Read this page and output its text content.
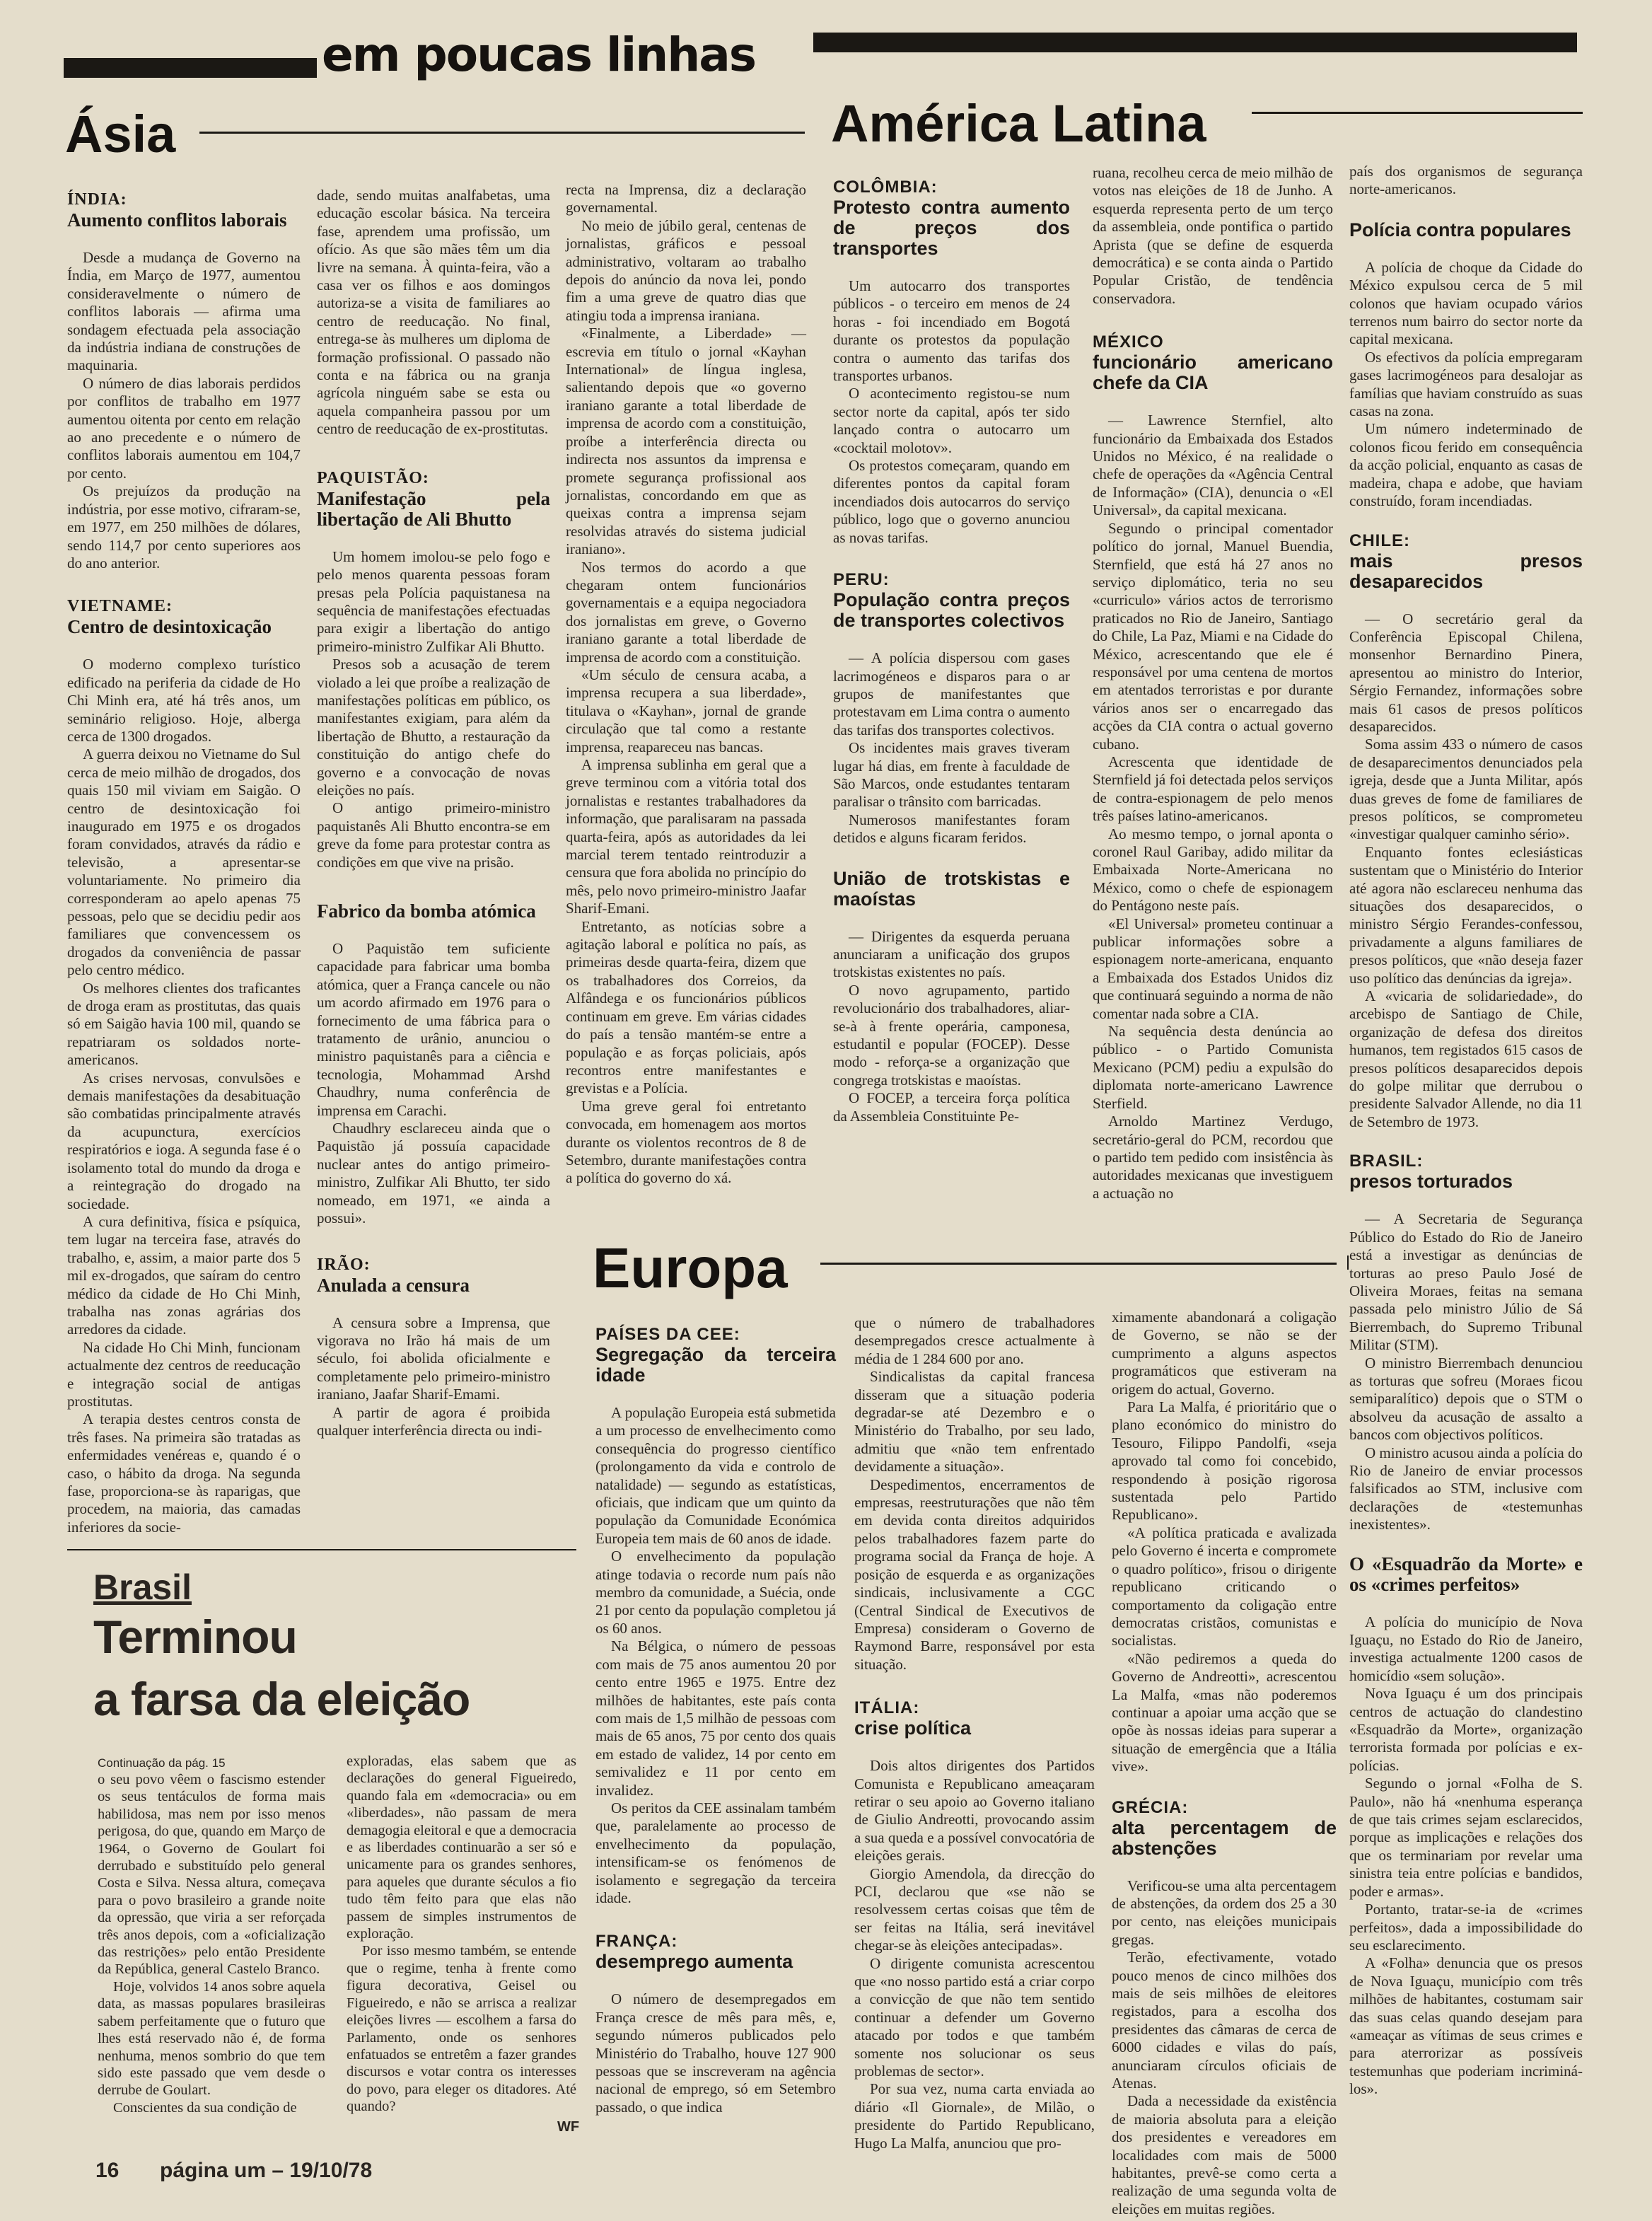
em poucas linhas
Ásia	América Latina
Europa
ÍNDIA:
Aumento conflitos laborais

Desde a mudança de Governo na Índia, em Março de 1977, aumentou consideravelmente o número de conflitos laborais — afirma uma sondagem efectuada pela associação da indústria indiana de construções de maquinaria.

O número de dias laborais perdidos por conflitos de trabalho em 1977 aumentou oitenta por cento em relação ao ano precedente e o número de conflitos laborais aumentou em 104,7 por cento.

Os prejuízos da produção na indústria, por esse motivo, cifraram-se, em 1977, em 250 milhões de dólares, sendo 114,7 por cento superiores aos do ano anterior.

VIETNAME:
Centro de desintoxicação

O moderno complexo turístico edificado na periferia da cidade de Ho Chi Minh era, até há três anos, um seminário religioso. Hoje, alberga cerca de 1300 drogados.

A guerra deixou no Vietname do Sul cerca de meio milhão de drogados, dos quais 150 mil viviam em Saigão. O centro de desintoxicação foi inaugurado em 1975 e os drogados foram convidados, através da rádio e televisão, a apresentar-se voluntariamente. No primeiro dia corresponderam ao apelo apenas 75 pessoas, pelo que se decidiu pedir aos familiares que convencessem os drogados da conveniência de passar pelo centro médico.

Os melhores clientes dos traficantes de droga eram as prostitutas, das quais só em Saigão havia 100 mil, quando se repatriaram os soldados norte-americanos.

As crises nervosas, convulsões e demais manifestações da desabituação são combatidas principalmente através da acupunctura, exercícios respiratórios e ioga. A segunda fase é o isolamento total do mundo da droga e a reintegração do drogado na sociedade.

A cura definitiva, física e psíquica, tem lugar na terceira fase, através do trabalho, e, assim, a maior parte dos 5 mil ex-drogados, que saíram do centro médico da cidade de Ho Chi Minh, trabalha nas zonas agrárias dos arredores da cidade.

Na cidade Ho Chi Minh, funcionam actualmente dez centros de reeducação e integração social de antigas prostitutas.

A terapia destes centros consta de três fases. Na primeira são tratadas as enfermidades venéreas e, quando é o caso, o hábito da droga. Na segunda fase, proporciona-se às raparigas, que procedem, na maioria, das camadas inferiores da socie-

dade, sendo muitas analfabetas, uma educação escolar básica. Na terceira fase, aprendem uma profissão, um ofício. As que são mães têm um dia livre na semana. À quinta-feira, vão a casa ver os filhos e aos domingos autoriza-se a visita de familiares ao centro de reeducação. No final, entrega-se às mulheres um diploma de formação profissional. O passado não conta e na fábrica ou na granja agrícola ninguém sabe se esta ou aquela companheira passou por um centro de reeducação de ex-prostitutas.

PAQUISTÃO:
Manifestação pela libertação de Ali Bhutto

Um homem imolou-se pelo fogo e pelo menos quarenta pessoas foram presas pela Polícia paquistanesa na sequência de manifestações efectuadas para exigir a libertação do antigo primeiro-ministro Zulfikar Ali Bhutto.

Presos sob a acusação de terem violado a lei que proíbe a realização de manifestações políticas em público, os manifestantes exigiam, para além da libertação de Bhutto, a restauração da constituição do antigo chefe do governo e a convocação de novas eleições no país.

O antigo primeiro-ministro paquistanês Ali Bhutto encontra-se em greve da fome para protestar contra as condições em que vive na prisão.

Fabrico da bomba atómica

O Paquistão tem suficiente capacidade para fabricar uma bomba atómica, quer a França cancele ou não um acordo afirmado em 1976 para o fornecimento de uma fábrica para o tratamento de urânio, anunciou o ministro paquistanês para a ciência e tecnologia, Mohammad Arshd Chaudhry, numa conferência de imprensa em Carachi.

Chaudhry esclareceu ainda que o Paquistão já possuía capacidade nuclear antes do antigo primeiro-ministro, Zulfikar Ali Bhutto, ter sido nomeado, em 1971, «e ainda a possui».

IRÃO:
Anulada a censura

A censura sobre a Imprensa, que vigorava no Irão há mais de um século, foi abolida oficialmente e completamente pelo primeiro-ministro iraniano, Jaafar Sharif-Emami.

A partir de agora é proibida qualquer interferência directa ou indi-

recta na Imprensa, diz a declaração governamental.

No meio de júbilo geral, centenas de jornalistas, gráficos e pessoal administrativo, voltaram ao trabalho depois do anúncio da nova lei, pondo fim a uma greve de quatro dias que atingiu toda a imprensa iraniana.

«Finalmente, a Liberdade» — escrevia em título o jornal «Kayhan International» de língua inglesa, salientando depois que «o governo iraniano garante a total liberdade de imprensa de acordo com a constituição, proíbe a interferência directa ou indirecta nos assuntos da imprensa e promete segurança profissional aos jornalistas, concordando em que as queixas contra a imprensa sejam resolvidas através do sistema judicial iraniano».

Nos termos do acordo a que chegaram ontem funcionários governamentais e a equipa negociadora dos jornalistas em greve, o Governo iraniano garante a total liberdade de imprensa de acordo com a constituição.

«Um século de censura acaba, a imprensa recupera a sua liberdade», titulava o «Kayhan», jornal de grande circulação que tal como a restante imprensa, reapareceu nas bancas.

A imprensa sublinha em geral que a greve terminou com a vitória total dos jornalistas e restantes trabalhadores da informação, que paralisaram na passada quarta-feira, após as autoridades da lei marcial terem tentado reintroduzir a censura que fora abolida no princípio do mês, pelo novo primeiro-ministro Jaafar Sharif-Emani.

Entretanto, as notícias sobre a agitação laboral e política no país, as primeiras desde quarta-feira, dizem que os trabalhadores dos Correios, da Alfândega e os funcionários públicos continuam em greve. Em várias cidades do país a tensão mantém-se entre a população e as forças policiais, após recontros entre manifestantes e grevistas e a Polícia.

Uma greve geral foi entretanto convocada, em homenagem aos mortos durante os violentos recontros de 8 de Setembro, durante manifestações contra a política do governo do xá.

COLÔMBIA:
Protesto contra aumento de preços dos transportes

Um autocarro dos transportes públicos - o terceiro em menos de 24 horas - foi incendiado em Bogotá durante os protestos da população contra o aumento das tarifas dos transportes urbanos.

O acontecimento registou-se num sector norte da capital, após ter sido lançado contra o autocarro um «cocktail molotov».

Os protestos começaram, quando em diferentes pontos da capital foram incendiados dois autocarros do serviço público, logo que o governo anunciou as novas tarifas.

PERU:
População contra preços de transportes colectivos

— A polícia dispersou com gases lacrimogéneos e disparos para o ar grupos de manifestantes que protestavam em Lima contra o aumento das tarifas dos transportes colectivos.

Os incidentes mais graves tiveram lugar há dias, em frente à faculdade de São Marcos, onde estudantes tentaram paralisar o trânsito com barricadas.

Numerosos manifestantes foram detidos e alguns ficaram feridos.

União de trotskistas e maoístas

— Dirigentes da esquerda peruana anunciaram a unificação dos grupos trotskistas existentes no país.

O novo agrupamento, partido revolucionário dos trabalhadores, aliar-se-à à frente operária, camponesa, estudantil e popular (FOCEP). Desse modo - reforça-se a organização que congrega trotskistas e maoístas.

O FOCEP, a terceira força política da Assembleia Constituinte Pe-

ruana, recolheu cerca de meio milhão de votos nas eleições de 18 de Junho. A esquerda representa perto de um terço da assembleia, onde pontifica o partido Aprista (que se define de esquerda democrática) e se conta ainda o Partido Popular Cristão, de tendência conservadora.

MÉXICO
funcionário americano chefe da CIA

— Lawrence Sternfiel, alto funcionário da Embaixada dos Estados Unidos no México, é na realidade o chefe de operações da «Agência Central de Informação» (CIA), denuncia o «El Universal», da capital mexicana.

Segundo o principal comentador político do jornal, Manuel Buendia, Sternfield, que está há 27 anos no serviço diplomático, teria no seu «curriculo» vários actos de terrorismo praticados no Rio de Janeiro, Santiago do Chile, La Paz, Miami e na Cidade do México, acrescentando que ele é responsável por uma centena de mortos em atentados terroristas e por durante vários anos ser o encarregado das acções da CIA contra o actual governo cubano.

Acrescenta que identidade de Sternfield já foi detectada pelos serviços de contra-espionagem de pelo menos três países latino-americanos.

Ao mesmo tempo, o jornal aponta o coronel Raul Garibay, adido militar da Embaixada Norte-Americana no México, como o chefe de espionagem do Pentágono neste país.

«El Universal» prometeu continuar a publicar informações sobre a espionagem norte-americana, enquanto a Embaixada dos Estados Unidos diz que continuará seguindo a norma de não comentar nada sobre a CIA.

Na sequência desta denúncia ao público - o Partido Comunista Mexicano (PCM) pediu a expulsão do diplomata norte-americano Lawrence Sterfield.

Arnoldo Martinez Verdugo, secretário-geral do PCM, recordou que o partido tem pedido com insistência às autoridades mexicanas que investiguem a actuação no

país dos organismos de segurança norte-americanos.

Polícia contra populares

A polícia de choque da Cidade do México expulsou cerca de 5 mil colonos que haviam ocupado vários terrenos num bairro do sector norte da capital mexicana.

Os efectivos da polícia empregaram gases lacrimogéneos para desalojar as famílias que haviam construído as suas casas na zona.

Um número indeterminado de colonos ficou ferido em consequência da acção policial, enquanto as casas de madeira, chapa e adobe, que haviam construído, foram incendiadas.

CHILE:
mais presos desaparecidos

— O secretário geral da Conferência Episcopal Chilena, monsenhor Bernardino Pinera, apresentou ao ministro do Interior, Sérgio Fernandez, informações sobre mais 61 casos de presos políticos desaparecidos.

Soma assim 433 o número de casos de desaparecimentos denunciados pela igreja, desde que a Junta Militar, após duas greves de fome de familiares de presos políticos, se comprometeu «investigar qualquer caminho sério».

Enquanto fontes eclesiásticas sustentam que o Ministério do Interior até agora não esclareceu nenhuma das situações dos desaparecidos, o ministro Sérgio Ferandes-confessou, privadamente a alguns familiares de presos políticos, que «não deseja fazer uso político das denúncias da igreja».

A «vicaria de solidariedade», do arcebispo de Santiago de Chile, organização de defesa dos direitos humanos, tem registados 615 casos de presos políticos desaparecidos depois do golpe militar que derrubou o presidente Salvador Allende, no dia 11 de Setembro de 1973.

BRASIL:
presos torturados

— A Secretaria de Segurança Público do Estado do Rio de Janeiro está a investigar as denúncias de torturas ao preso Paulo José de Oliveira Moraes, feitas na semana passada pelo ministro Júlio de Sá Bierrembach, do Supremo Tribunal Militar (STM).

O ministro Bierrembach denunciou as torturas que sofreu (Moraes ficou semiparalítico) depois que o STM o absolveu da acusação de assalto a bancos com objectivos políticos.

O ministro acusou ainda a polícia do Rio de Janeiro de enviar processos falsificados ao STM, inclusive com declarações de «testemunhas inexistentes».

O «Esquadrão da Morte» e os «crimes perfeitos»

A polícia do município de Nova Iguaçu, no Estado do Rio de Janeiro, investiga actualmente 1200 casos de homicídio «sem solução».

Nova Iguaçu é um dos principais centros de actuação do clandestino «Esquadrão da Morte», organização terrorista formada por polícias e ex-polícias.

Segundo o jornal «Folha de S. Paulo», não há «nenhuma esperança de que tais crimes sejam esclarecidos, porque as implicações e relações dos que os terminariam por revelar uma sinistra teia entre polícias e bandidos, poder e armas».

Portanto, tratar-se-ia de «crimes perfeitos», dada a impossibilidade do seu esclarecimento.

A «Folha» denuncia que os presos de Nova Iguaçu, município com três milhões de habitantes, costumam sair das suas celas quando desejam para «ameaçar as vítimas de seus crimes e para aterrorizar as possíveis testemunhas que poderiam incriminá-los».

PAÍSES DA CEE:
Segregação da terceira idade

A população Europeia está submetida a um processo de envelhecimento como consequência do progresso científico (prolongamento da vida e controlo de natalidade) — segundo as estatísticas, oficiais, que indicam que um quinto da população da Comunidade Económica Europeia tem mais de 60 anos de idade.

O envelhecimento da população atinge todavia o recorde num país não membro da comunidade, a Suécia, onde 21 por cento da população completou já os 60 anos.

Na Bélgica, o número de pessoas com mais de 75 anos aumentou 20 por cento entre 1965 e 1975. Entre dez milhões de habitantes, este país conta com mais de 1,5 milhão de pessoas com mais de 65 anos, 75 por cento dos quais em estado de validez, 14 por cento em semivalidez e 11 por cento em invalidez.

Os peritos da CEE assinalam também que, paralelamente ao processo de envelhecimento da população, intensificam-se os fenómenos de isolamento e segregação da terceira idade.

FRANÇA:
desemprego aumenta

O número de desempregados em França cresce de mês para mês, e, segundo números publicados pelo Ministério do Trabalho, houve 127 900 pessoas que se inscreveram na agência nacional de emprego, só em Setembro passado, o que indica

que o número de trabalhadores desempregados cresce actualmente à média de 1 284 600 por ano.

Sindicalistas da capital francesa disseram que a situação poderia degradar-se até Dezembro e o Ministério do Trabalho, por seu lado, admitiu que «não tem enfrentado devidamente a situação».

Despedimentos, encerramentos de empresas, reestruturações que não têm em devida conta direitos adquiridos pelos trabalhadores fazem parte do programa social da França de hoje. A posição de esquerda e as organizações sindicais, inclusivamente a CGC (Central Sindical de Executivos de Empresa) consideram o Governo de Raymond Barre, responsável por esta situação.

ITÁLIA:
crise política

Dois altos dirigentes dos Partidos Comunista e Republicano ameaçaram retirar o seu apoio ao Governo italiano de Giulio Andreotti, provocando assim a sua queda e a possível convocatória de eleições gerais.

Giorgio Amendola, da direcção do PCI, declarou que «se não se resolvessem certas coisas que têm de ser feitas na Itália, será inevitável chegar-se às eleições antecipadas».

O dirigente comunista acrescentou que «no nosso partido está a criar corpo a convicção de que não tem sentido continuar a defender um Governo atacado por todos e que também somente nos solucionar os seus problemas de sector».

Por sua vez, numa carta enviada ao diário «Il Giornale», de Milão, o presidente do Partido Republicano, Hugo La Malfa, anunciou que pro-

ximamente abandonará a coligação de Governo, se não se der cumprimento a alguns aspectos programáticos que estiveram na origem do actual, Governo.

Para La Malfa, é prioritário que o plano económico do ministro do Tesouro, Filippo Pandolfi, «seja aprovado tal como foi concebido, respondendo à posição rigorosa sustentada pelo Partido Republicano».

«A política praticada e avalizada pelo Governo é incerta e compromete o quadro político», frisou o dirigente republicano criticando o comportamento da coligação entre democratas cristãos, comunistas e socialistas.

«Não pediremos a queda do Governo de Andreotti», acrescentou La Malfa, «mas não poderemos continuar a apoiar uma acção que se opõe às nossas ideias para superar a situação de emergência que a Itália vive».

GRÉCIA:
alta percentagem de abstenções

Verificou-se uma alta percentagem de abstenções, da ordem dos 25 a 30 por cento, nas eleições municipais gregas.

Terão, efectivamente, votado pouco menos de cinco milhões dos mais de seis milhões de eleitores registados, para a escolha dos presidentes das câmaras de cerca de 6000 cidades e vilas do país, anunciaram círculos oficiais de Atenas.

Dada a necessidade da existência de maioria absoluta para a eleição dos presidentes e vereadores em localidades com mais de 5000 habitantes, prevê-se como certa a realização de uma segunda volta de eleições em muitas regiões.

Brasil
Terminou
a farsa da eleição
Continuação da pág. 15

o seu povo vêem o fascismo estender os seus tentáculos de forma mais habilidosa, mas nem por isso menos perigosa, do que, quando em Março de 1964, o Governo de Goulart foi derrubado e substituído pelo general Costa e Silva. Nessa altura, começava para o povo brasileiro a grande noite da opressão, que viria a ser reforçada três anos depois, com a «oficialização das restrições» pelo então Presidente da República, general Castelo Branco.

Hoje, volvidos 14 anos sobre aquela data, as massas populares brasileiras sabem perfeitamente que o futuro que lhes está reservado não é, de forma nenhuma, menos sombrio do que tem sido este passado que vem desde o derrube de Goulart.

Conscientes da sua condição de

exploradas, elas sabem que as declarações do general Figueiredo, quando fala em «democracia» ou em «liberdades», não passam de mera demagogia eleitoral e que a democracia e as liberdades continuarão a ser só e unicamente para os grandes senhores, para aqueles que durante séculos a fio tudo têm feito para que elas não passem de simples instrumentos de exploração.

Por isso mesmo também, se entende que o regime, tenha à frente como figura decorativa, Geisel ou Figueiredo, e não se arrisca a realizar eleições livres — escolhem a farsa do Parlamento, onde os senhores enfatuados se entretêm a fazer grandes discursos e votar contra os interesses do povo, para eleger os ditadores. Até quando?

WF
16 página um – 19/10/78
